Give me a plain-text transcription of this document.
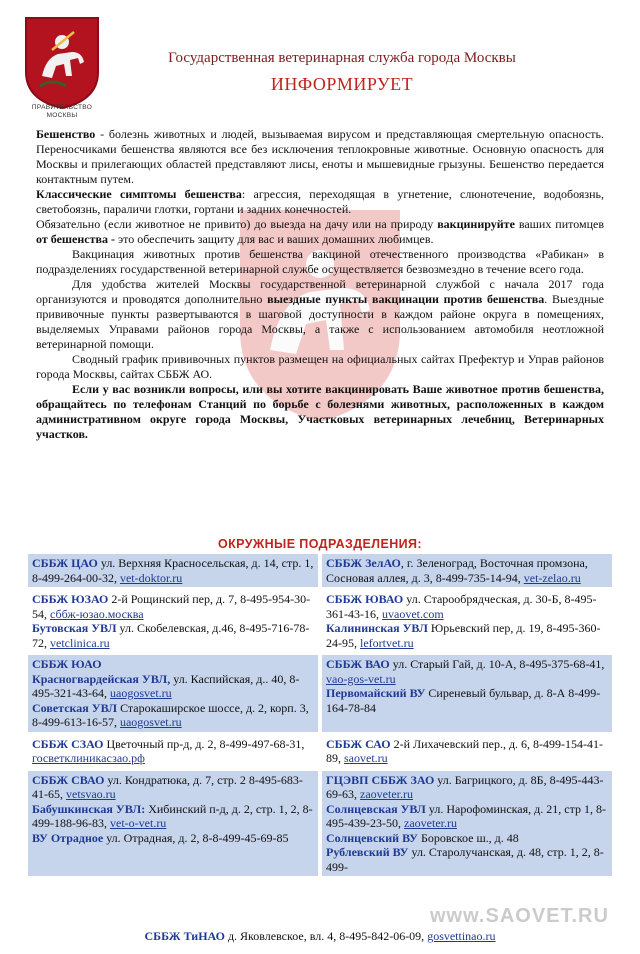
ПРАВИТЕЛЬСТВО МОСКВЫ
Государственная ветеринарная служба города Москвы
ИНФОРМИРУЕТ

Бешенство - болезнь животных и людей, вызываемая вирусом и представляющая смертельную опасность. Переносчиками бешенства являются все без исключения теплокровные животные. Основную опасность для Москвы и прилегающих областей представляют лисы, еноты и мышевидные грызуны. Бешенство передается контактным путем.

Классические симптомы бешенства: агрессия, переходящая в угнетение, слюнотечение, водобоязнь, светобоязнь, параличи глотки, гортани и задних конечностей.

Обязательно (если животное не привито) до выезда на дачу или на природу вакцинируйте ваших питомцев от бешенства - это обеспечить защиту для вас и ваших домашних любимцев.

Вакцинация животных против бешенства вакциной отечественного производства «Рабикан» в подразделениях государственной ветеринарной службе осуществляется безвозмездно в течение всего года.

Для удобства жителей Москвы государственной ветеринарной службой с начала 2017 года организуются и проводятся дополнительно выездные пункты вакцинации против бешенства. Выездные прививочные пункты развертываются в шаговой доступности в каждом районе округа в помещениях, выделяемых Управами районов города Москвы, а также с использованием автомобиля неотложной ветеринарной помощи.

Сводный график прививочных пунктов размещен на официальных сайтах Префектур и Управ районов города Москвы, сайтах СББЖ АО.

Если у вас возникли вопросы, или вы хотите вакцинировать Ваше животное против бешенства, обращайтесь по телефонам Станций по борьбе с болезнями животных, расположенных в каждом административном округе города Москвы, Участковых ветеринарных лечебниц, Ветеринарных участков.

ОКРУЖНЫЕ ПОДРАЗДЕЛЕНИЯ:
СББЖ ЦАО ул. Верхняя Красносельская, д. 14, стр. 1, 8-499-264-00-32, vet-doktor.ru
СББЖ ЗелАО, г. Зеленоград, Восточная промзона, Сосновая аллея, д. 3, 8-499-735-14-94, vet-zelao.ru
СББЖ ЮЗАО 2-й Рощинский пер, д. 7, 8-495-954-30-54, сббж-юзао.москва
Бутовская УВЛ ул. Скобелевская, д.46, 8-495-716-78-72, vetclinica.ru
СББЖ ЮВАО ул. Старообрядческая, д. 30-Б, 8-495-361-43-16, uvaovet.com
Калининская УВЛ Юрьевский пер, д. 19, 8-495-360-24-95, lefortvet.ru
СББЖ ЮАО
Красногвардейская УВЛ, ул. Каспийская, д.. 40, 8-495-321-43-64, uaogosvet.ru
Советская УВЛ Старокаширское шоссе, д. 2, корп. 3, 8-499-613-16-57, uaogosvet.ru
СББЖ ВАО ул. Старый Гай, д. 10-А, 8-495-375-68-41, vao-gos-vet.ru
Первомайский ВУ Сиреневый бульвар, д. 8-А 8-499-164-78-84
СББЖ СЗАО Цветочный пр-д, д. 2, 8-499-497-68-31, госветклиникасзао.рф
СББЖ САО 2-й Лихачевский пер., д. 6, 8-499-154-41-89, saovet.ru
СББЖ СВАО ул. Кондратюка, д. 7, стр. 2 8-495-683-41-65, vetsvao.ru
Бабушкинская УВЛ: Хибинский п-д, д. 2, стр. 1, 2, 8-499-188-96-83, vet-o-vet.ru
ВУ Отрадное ул. Отрадная, д. 2, 8-8-499-45-69-85
ГЦЭВП СББЖ ЗАО ул. Багрицкого, д. 8Б, 8-495-443-69-63, zaoveter.ru
Солнцевская УВЛ ул. Нарофоминская, д. 21, стр 1, 8-495-439-23-50, zaoveter.ru
Солнцевский ВУ Боровское ш., д. 48
Рублевский ВУ ул. Старолучанская, д. 48, стр. 1, 2, 8-499-
www.SAOVET.RU
СББЖ ТиНАО д. Яковлевское, вл. 4, 8-495-842-06-09, gosvettinao.ru
